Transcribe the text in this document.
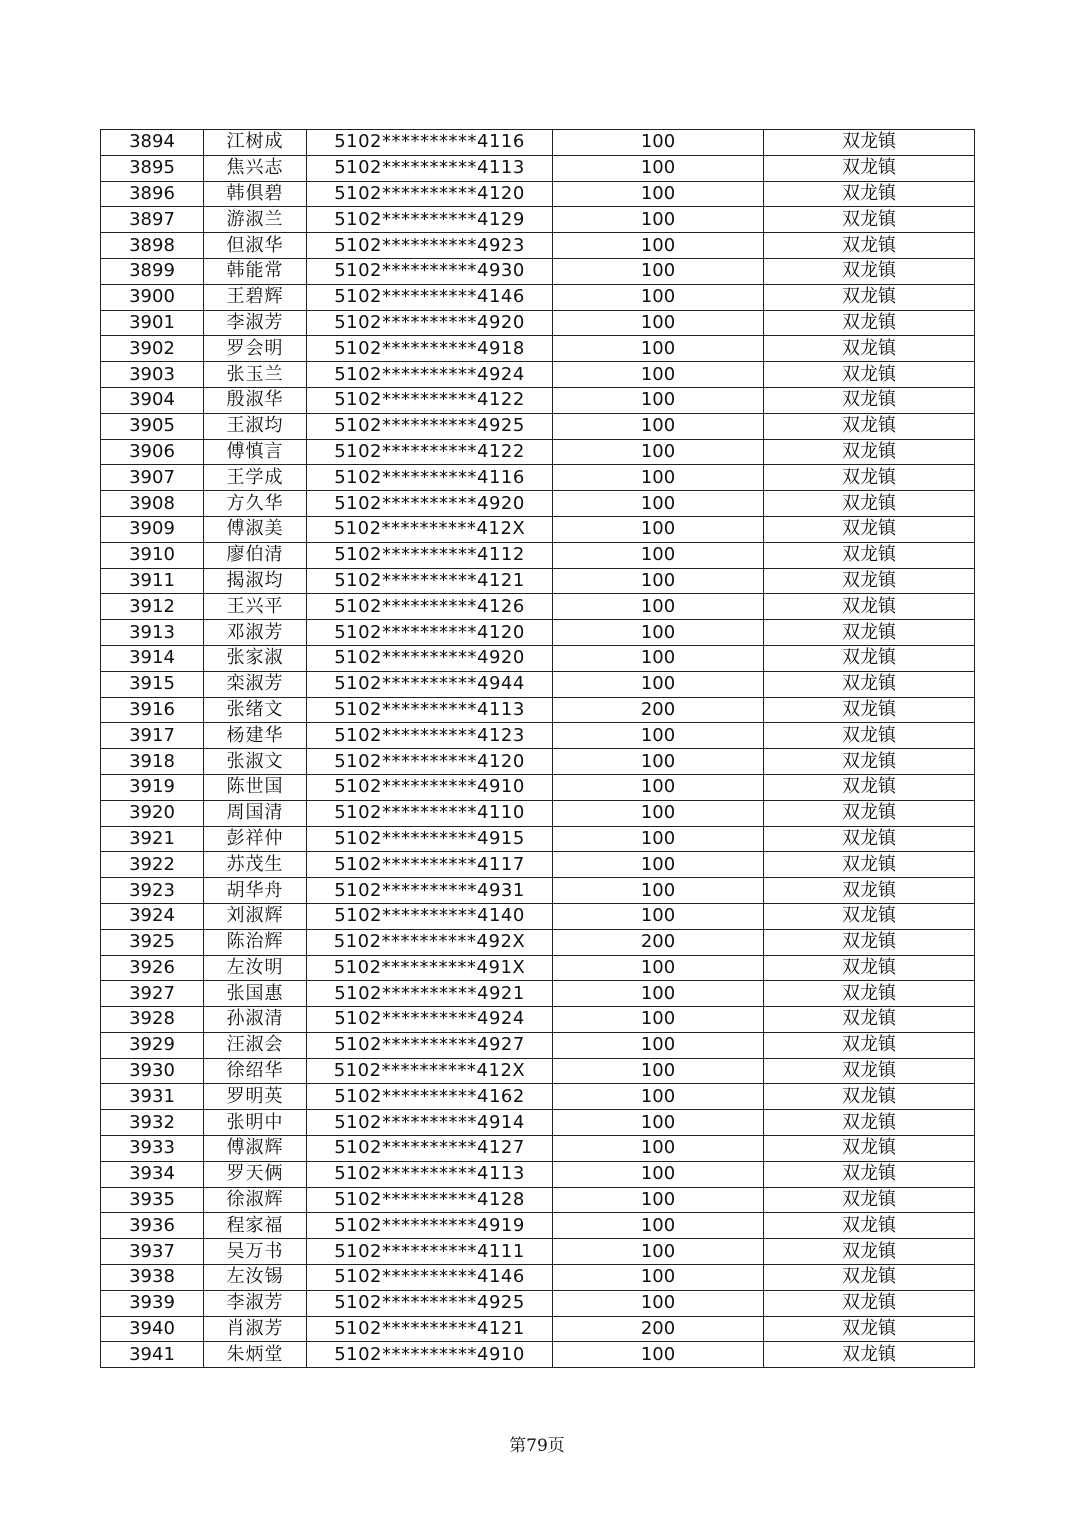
3894	江树成	5102**********4116	100	双龙镇
3895	焦兴志	5102**********4113	100	双龙镇
3896	韩俱碧	5102**********4120	100	双龙镇
3897	游淑兰	5102**********4129	100	双龙镇
3898	但淑华	5102**********4923	100	双龙镇
3899	韩能常	5102**********4930	100	双龙镇
3900	王碧辉	5102**********4146	100	双龙镇
3901	李淑芳	5102**********4920	100	双龙镇
3902	罗会明	5102**********4918	100	双龙镇
3903	张玉兰	5102**********4924	100	双龙镇
3904	殷淑华	5102**********4122	100	双龙镇
3905	王淑均	5102**********4925	100	双龙镇
3906	傅慎言	5102**********4122	100	双龙镇
3907	王学成	5102**********4116	100	双龙镇
3908	方久华	5102**********4920	100	双龙镇
3909	傅淑美	5102**********412X	100	双龙镇
3910	廖伯清	5102**********4112	100	双龙镇
3911	揭淑均	5102**********4121	100	双龙镇
3912	王兴平	5102**********4126	100	双龙镇
3913	邓淑芳	5102**********4120	100	双龙镇
3914	张家淑	5102**********4920	100	双龙镇
3915	栾淑芳	5102**********4944	100	双龙镇
3916	张绪文	5102**********4113	200	双龙镇
3917	杨建华	5102**********4123	100	双龙镇
3918	张淑文	5102**********4120	100	双龙镇
3919	陈世国	5102**********4910	100	双龙镇
3920	周国清	5102**********4110	100	双龙镇
3921	彭祥仲	5102**********4915	100	双龙镇
3922	苏茂生	5102**********4117	100	双龙镇
3923	胡华舟	5102**********4931	100	双龙镇
3924	刘淑辉	5102**********4140	100	双龙镇
3925	陈治辉	5102**********492X	200	双龙镇
3926	左汝明	5102**********491X	100	双龙镇
3927	张国惠	5102**********4921	100	双龙镇
3928	孙淑清	5102**********4924	100	双龙镇
3929	汪淑会	5102**********4927	100	双龙镇
3930	徐绍华	5102**********412X	100	双龙镇
3931	罗明英	5102**********4162	100	双龙镇
3932	张明中	5102**********4914	100	双龙镇
3933	傅淑辉	5102**********4127	100	双龙镇
3934	罗天俩	5102**********4113	100	双龙镇
3935	徐淑辉	5102**********4128	100	双龙镇
3936	程家福	5102**********4919	100	双龙镇
3937	吴万书	5102**********4111	100	双龙镇
3938	左汝锡	5102**********4146	100	双龙镇
3939	李淑芳	5102**********4925	100	双龙镇
3940	肖淑芳	5102**********4121	200	双龙镇
3941	朱炳堂	5102**********4910	100	双龙镇
第79页
